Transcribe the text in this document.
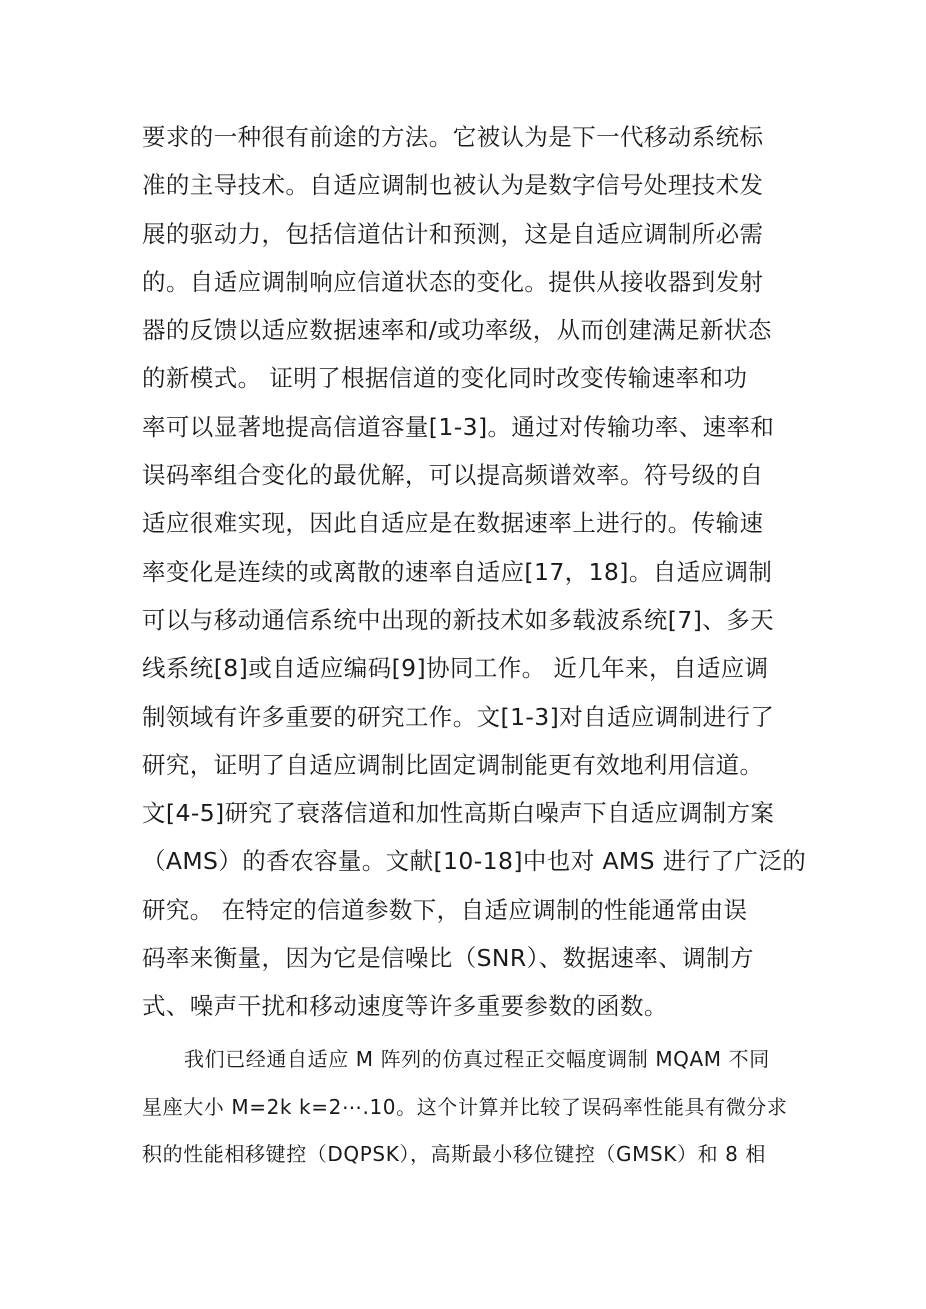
要求的一种很有前途的方法。它被认为是下一代移动系统标
准的主导技术。自适应调制也被认为是数字信号处理技术发
展的驱动力，包括信道估计和预测，这是自适应调制所必需
的。自适应调制响应信道状态的变化。提供从接收器到发射
器的反馈以适应数据速率和/或功率级，从而创建满足新状态
的新模式。 证明了根据信道的变化同时改变传输速率和功
率可以显著地提高信道容量[1-3]。通过对传输功率、速率和
误码率组合变化的最优解，可以提高频谱效率。符号级的自
适应很难实现，因此自适应是在数据速率上进行的。传输速
率变化是连续的或离散的速率自适应[17，18]。自适应调制
可以与移动通信系统中出现的新技术如多载波系统[7]、多天
线系统[8]或自适应编码[9]协同工作。 近几年来，自适应调
制领域有许多重要的研究工作。文[1-3]对自适应调制进行了
研究，证明了自适应调制比固定调制能更有效地利用信道。
文[4-5]研究了衰落信道和加性高斯白噪声下自适应调制方案
（AMS）的香农容量。文献[10-18]中也对 AMS 进行了广泛的
研究。 在特定的信道参数下，自适应调制的性能通常由误
码率来衡量，因为它是信噪比（SNR）、数据速率、调制方
式、噪声干扰和移动速度等许多重要参数的函数。
我们已经通自适应 M 阵列的仿真过程正交幅度调制 MQAM 不同
星座大小 M=2k k=2⋯.10。这个计算并比较了误码率性能具有微分求
积的性能相移键控（DQPSK），高斯最小移位键控（GMSK）和 8 相
